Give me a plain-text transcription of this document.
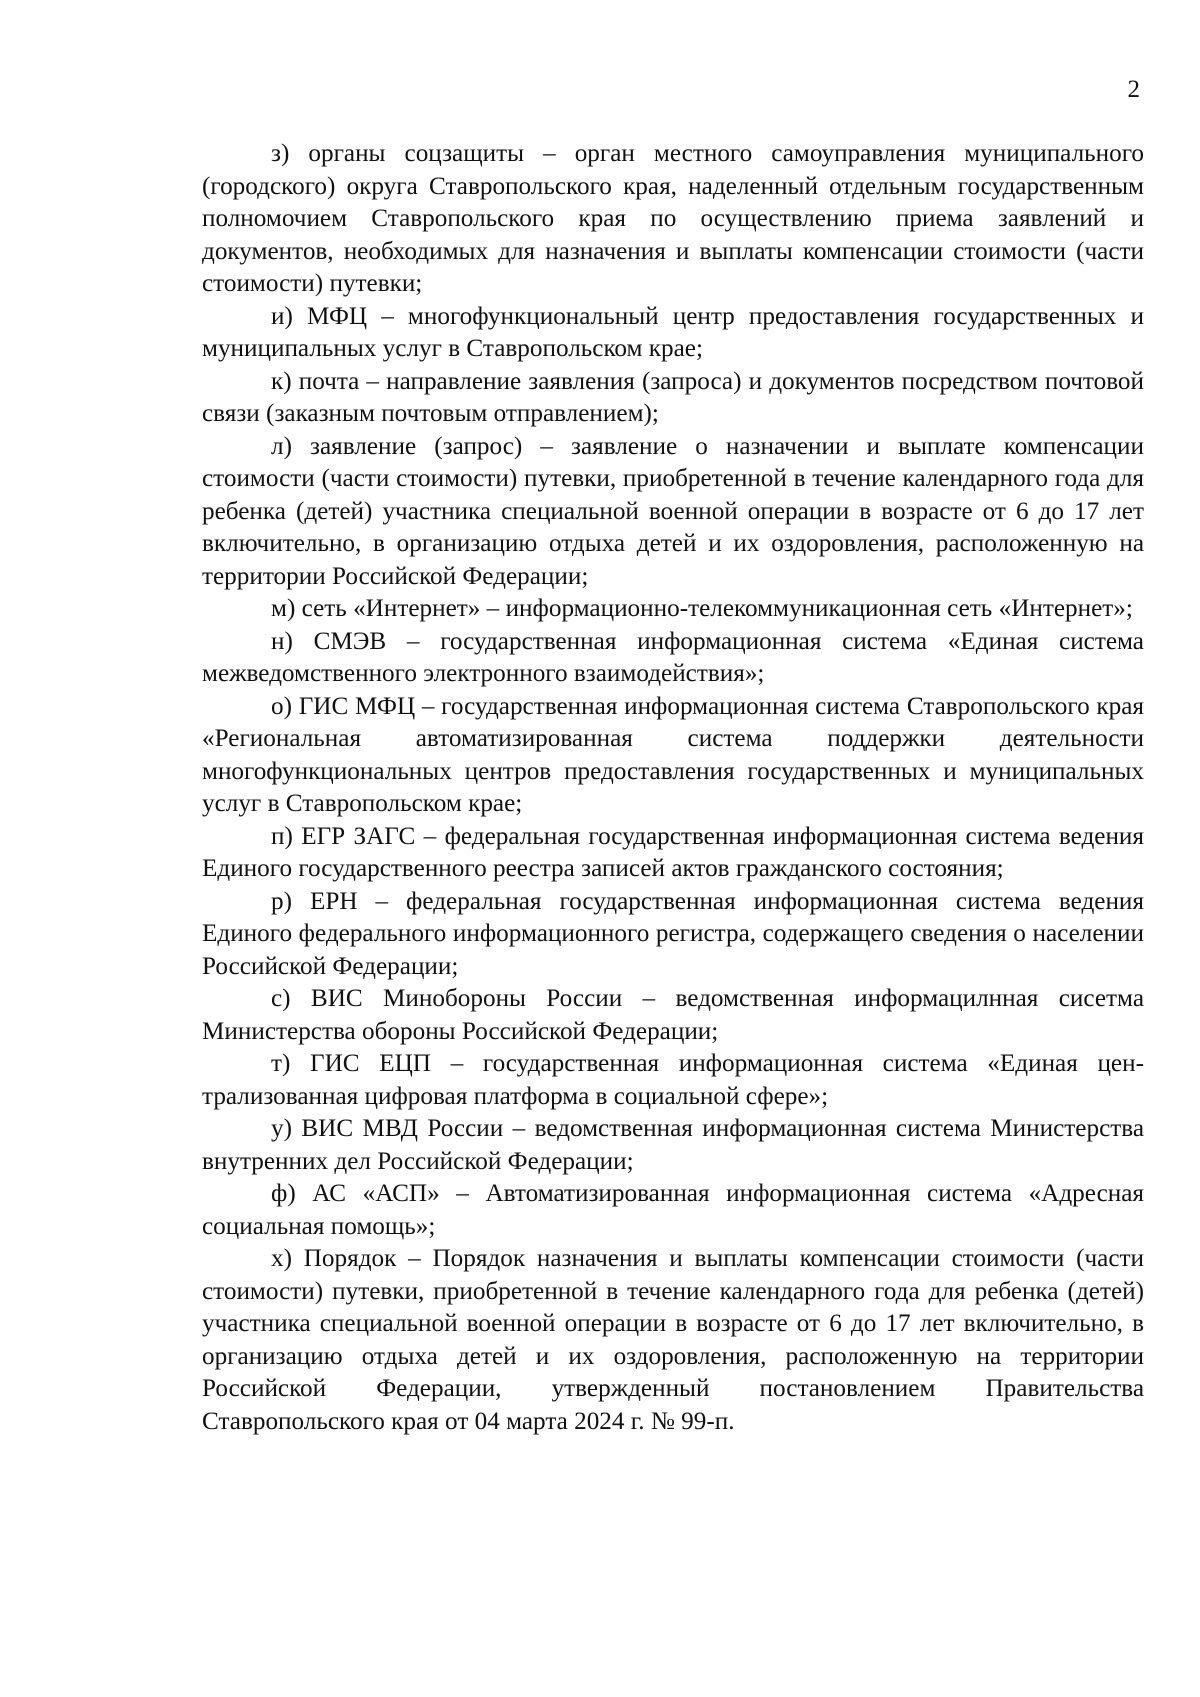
2

з) органы соцзащиты – орган местного самоуправления муниципального (городского) округа Ставропольского края, наделенный отдельным государственным полномочием Ставропольского края по осуществлению приема заявлений и документов, необходимых для назначения и выплаты компенсации стоимости (части стоимости) путевки;

и) МФЦ – многофункциональный центр предоставления государственных и муниципальных услуг в Ставропольском крае;

к) почта – направление заявления (запроса) и документов посредством почтовой связи (заказным почтовым отправлением);

л) заявление (запрос) – заявление о назначении и выплате компенсации стоимости (части стоимости) путевки, приобретенной в течение календарного года для ребенка (детей) участника специальной военной операции в возрасте от 6 до 17 лет включительно, в организацию отдыха детей и их оздоровления, расположенную на территории Российской Федерации;

м) сеть «Интернет» – информационно-телекоммуникационная сеть «Интернет»;

н) СМЭВ – государственная информационная система «Единая система межведомственного электронного взаимодействия»;

о) ГИС МФЦ – государственная информационная система Ставропольского края «Региональная автоматизированная система поддержки деятельности многофункциональных центров предоставления государственных и муниципальных услуг в Ставропольском крае;

п) ЕГР ЗАГС – федеральная государственная информационная система ведения Единого государственного реестра записей актов гражданского состояния;

р) ЕРН – федеральная государственная информационная система ведения Единого федерального информационного регистра, содержащего сведения о населении Российской Федерации;

с) ВИС Минобороны России – ведомственная информацилнная сисетма Министерства обороны Российской Федерации;

т) ГИС ЕЦП – государственная информационная система «Единая централизованная цифровая платформа в социальной сфере»;

у) ВИС МВД России – ведомственная информационная система Министерства внутренних дел Российской Федерации;

ф) АС «АСП» – Автоматизированная информационная система «Адресная социальная помощь»;

х) Порядок – Порядок назначения и выплаты компенсации стоимости (части стоимости) путевки, приобретенной в течение календарного года для ребенка (детей) участника специальной военной операции в возрасте от 6 до 17 лет включительно, в организацию отдыха детей и их оздоровления, расположенную на территории Российской Федерации, утвержденный постановлением Правительства Ставропольского края от 04 марта 2024 г. № 99-п.
